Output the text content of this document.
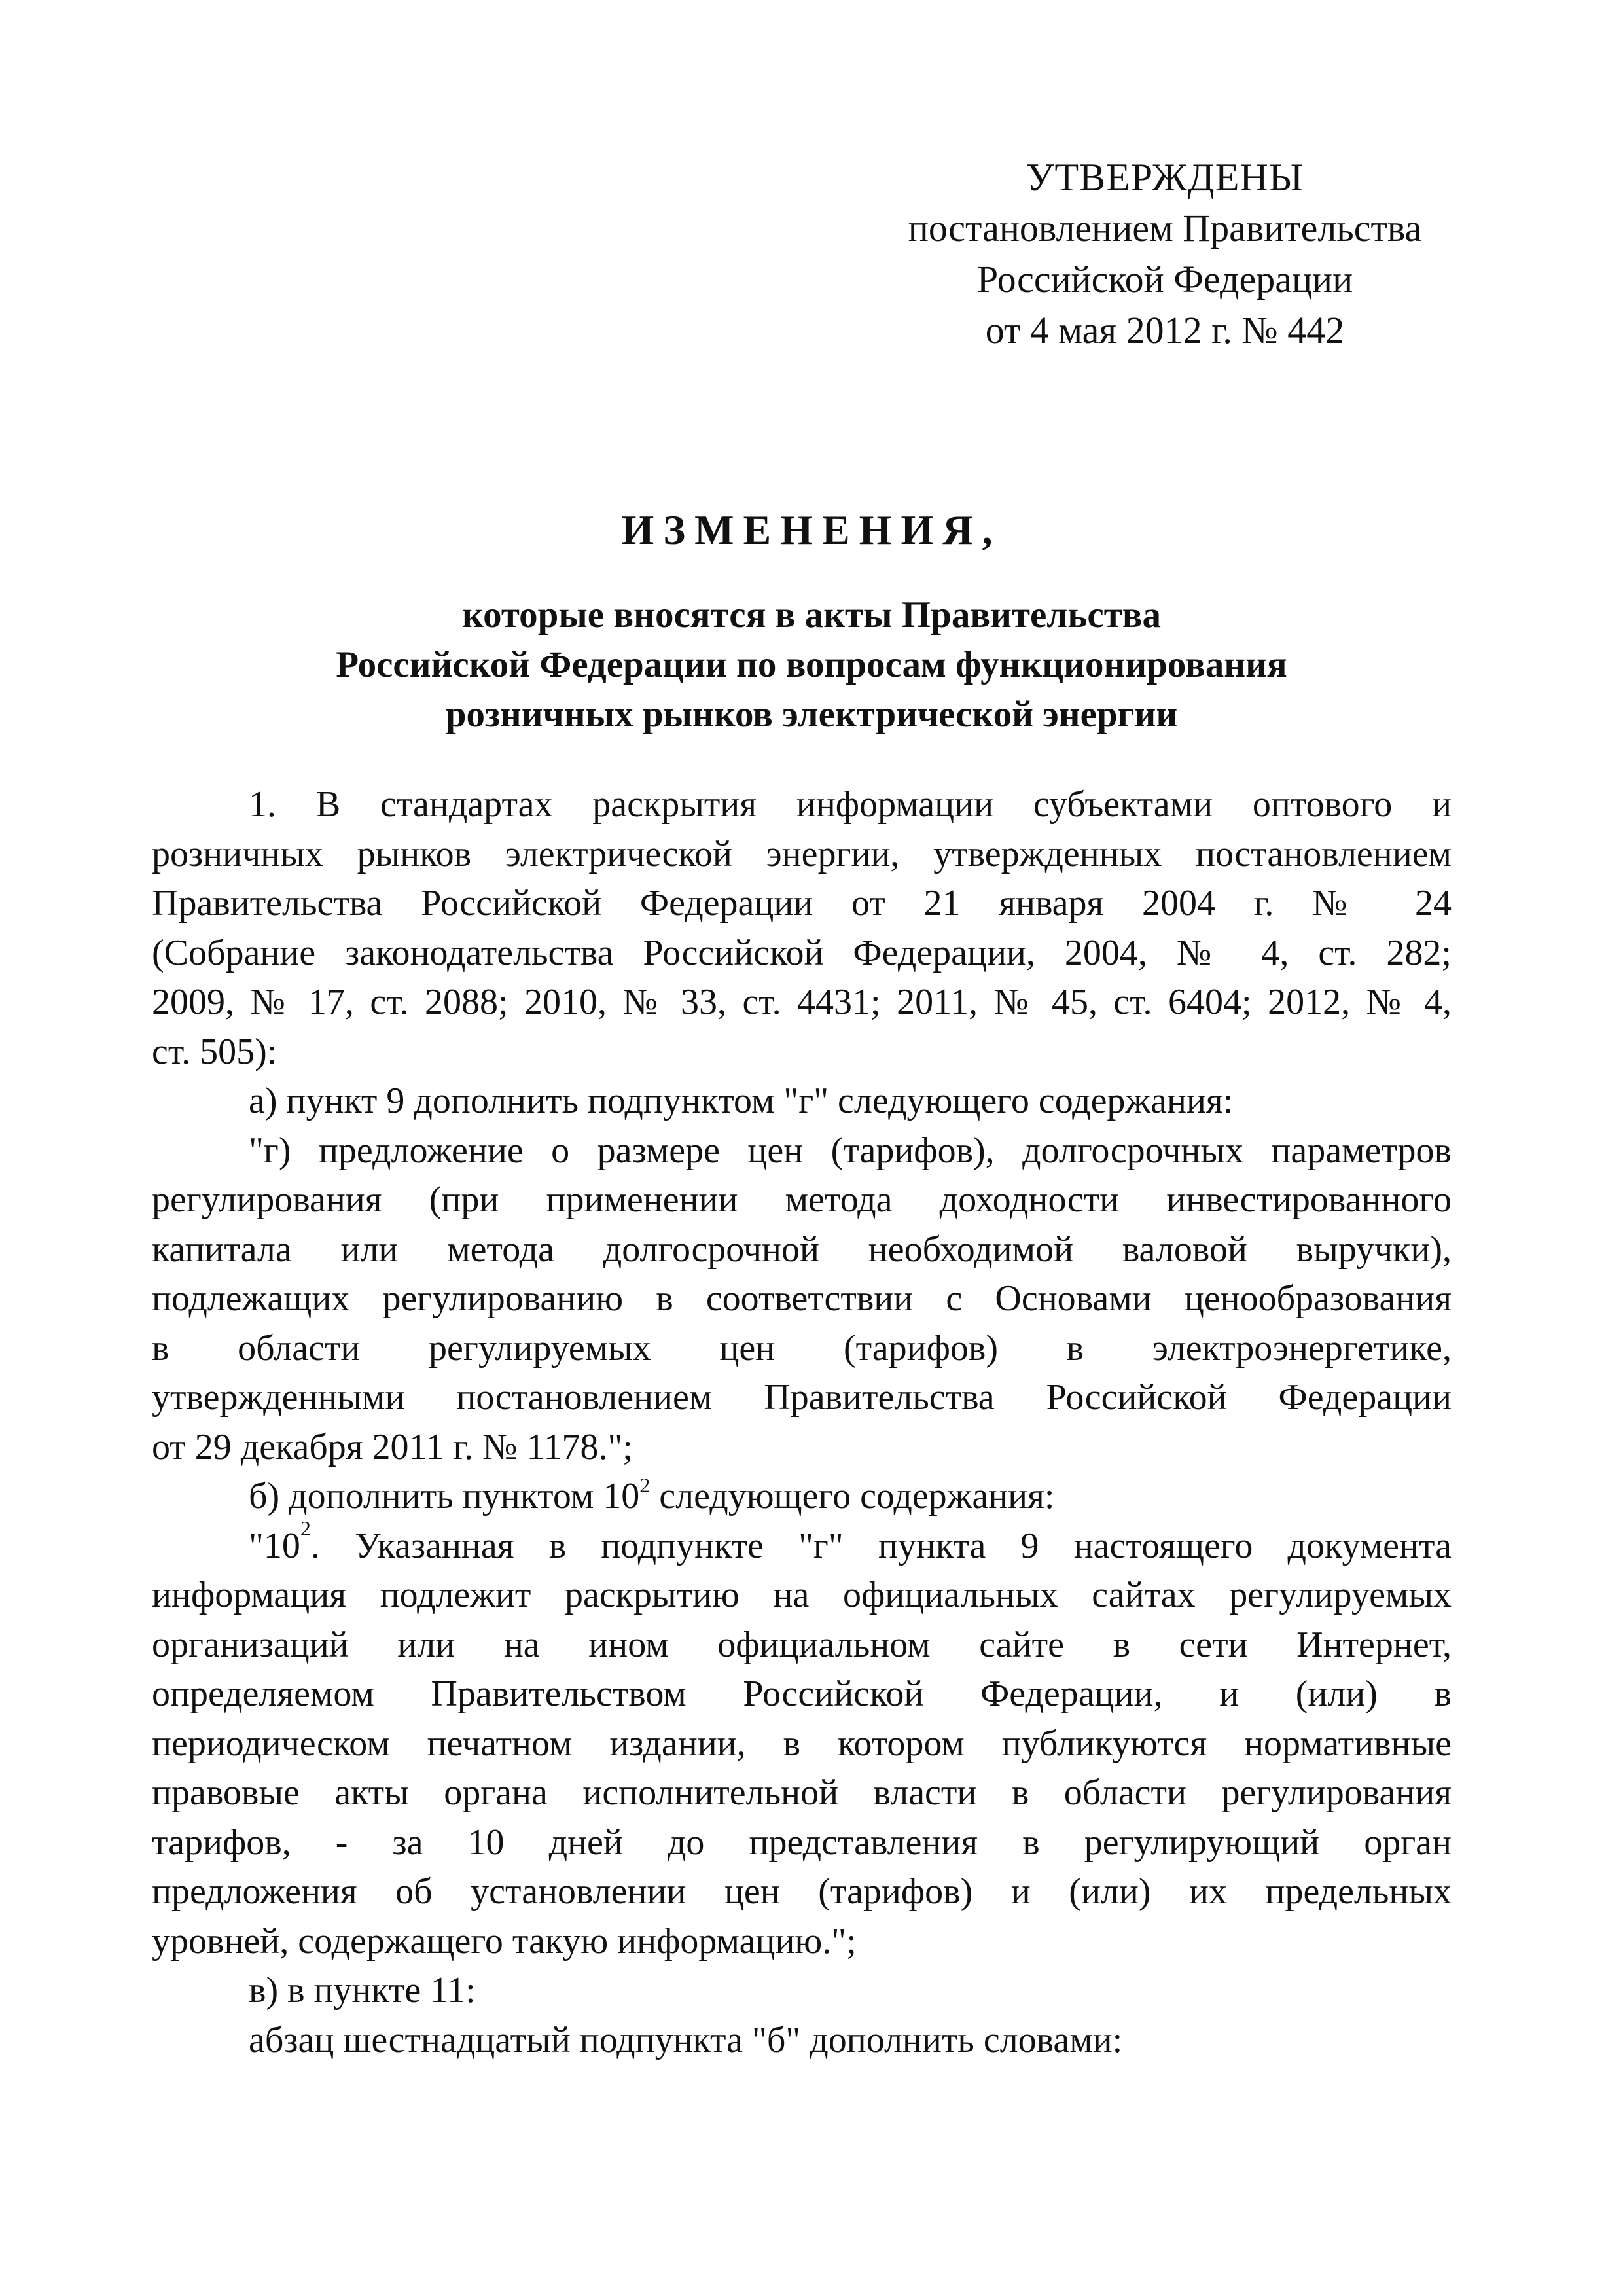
УТВЕРЖДЕНЫ
постановлением Правительства
Российской Федерации
от 4 мая 2012 г. № 442
ИЗМЕНЕНИЯ,
которые вносятся в акты Правительства
Российской Федерации по вопросам функционирования
розничных рынков электрической энергии
1. В стандартах раскрытия информации субъектами оптового и
розничных рынков электрической энергии, утвержденных постановлением
Правительства Российской Федерации от 21 января 2004 г. № 24
(Собрание законодательства Российской Федерации, 2004, № 4, ст. 282;
2009, № 17, ст. 2088; 2010, № 33, ст. 4431; 2011, № 45, ст. 6404; 2012, № 4,
ст. 505):
а) пункт 9 дополнить подпунктом "г" следующего содержания:
"г) предложение о размере цен (тарифов), долгосрочных параметров
регулирования (при применении метода доходности инвестированного
капитала или метода долгосрочной необходимой валовой выручки),
подлежащих регулированию в соответствии с Основами ценообразования
в области регулируемых цен (тарифов) в электроэнергетике,
утвержденными постановлением Правительства Российской Федерации
от 29 декабря 2011 г. № 1178.";
б) дополнить пунктом $10^2$ следующего содержания:
"$10^2$ . Указанная в подпункте "г" пункта 9 настоящего документа
информация подлежит раскрытию на официальных сайтах регулируемых
организаций или на ином официальном сайте в сети Интернет,
определяемом Правительством Российской Федерации, и (или) в
периодическом печатном издании, в котором публикуются нормативные
правовые акты органа исполнительной власти в области регулирования
тарифов, - за 10 дней до представления в регулирующий орган
предложения об установлении цен (тарифов) и (или) их предельных
уровней, содержащего такую информацию.";
в) в пункте 11:
абзац шестнадцатый подпункта "б" дополнить словами:
